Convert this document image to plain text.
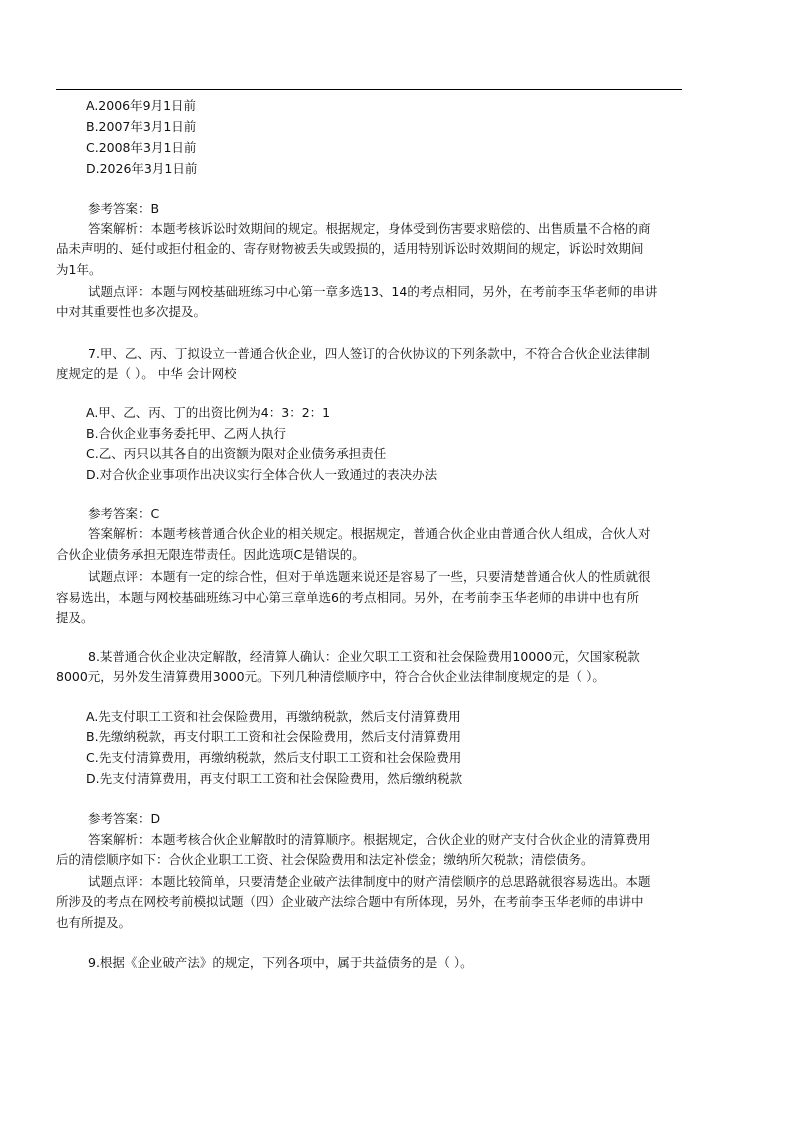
A.2006年9月1日前

B.2007年3月1日前

C.2008年3月1日前

D.2026年3月1日前

参考答案：B

答案解析：本题考核诉讼时效期间的规定。根据规定，身体受到伤害要求赔偿的、出售质量不合格的商

品未声明的、延付或拒付租金的、寄存财物被丢失或毁损的，适用特别诉讼时效期间的规定，诉讼时效期间

为1年。

试题点评：本题与网校基础班练习中心第一章多选13、14的考点相同，另外，在考前李玉华老师的串讲

中对其重要性也多次提及。

7.甲、乙、丙、丁拟设立一普通合伙企业，四人签订的合伙协议的下列条款中，不符合合伙企业法律制

度规定的是（ ）。 中华 会计网校

A.甲、乙、丙、丁的出资比例为4：3：2：1

B.合伙企业事务委托甲、乙两人执行

C.乙、丙只以其各自的出资额为限对企业债务承担责任

D.对合伙企业事项作出决议实行全体合伙人一致通过的表决办法

参考答案：C

答案解析：本题考核普通合伙企业的相关规定。根据规定，普通合伙企业由普通合伙人组成，合伙人对

合伙企业债务承担无限连带责任。因此选项C是错误的。

试题点评：本题有一定的综合性，但对于单选题来说还是容易了一些，只要清楚普通合伙人的性质就很

容易选出，本题与网校基础班练习中心第三章单选6的考点相同。另外，在考前李玉华老师的串讲中也有所

提及。

8.某普通合伙企业决定解散，经清算人确认：企业欠职工工资和社会保险费用10000元，欠国家税款

8000元，另外发生清算费用3000元。下列几种清偿顺序中，符合合伙企业法律制度规定的是（ ）。

A.先支付职工工资和社会保险费用，再缴纳税款，然后支付清算费用

B.先缴纳税款，再支付职工工资和社会保险费用，然后支付清算费用

C.先支付清算费用，再缴纳税款，然后支付职工工资和社会保险费用

D.先支付清算费用，再支付职工工资和社会保险费用，然后缴纳税款

参考答案：D

答案解析：本题考核合伙企业解散时的清算顺序。根据规定，合伙企业的财产支付合伙企业的清算费用

后的清偿顺序如下：合伙企业职工工资、社会保险费用和法定补偿金；缴纳所欠税款；清偿债务。

试题点评：本题比较简单，只要清楚企业破产法律制度中的财产清偿顺序的总思路就很容易选出。本题

所涉及的考点在网校考前模拟试题（四）企业破产法综合题中有所体现，另外，在考前李玉华老师的串讲中

也有所提及。

9.根据《企业破产法》的规定，下列各项中，属于共益债务的是（ ）。
